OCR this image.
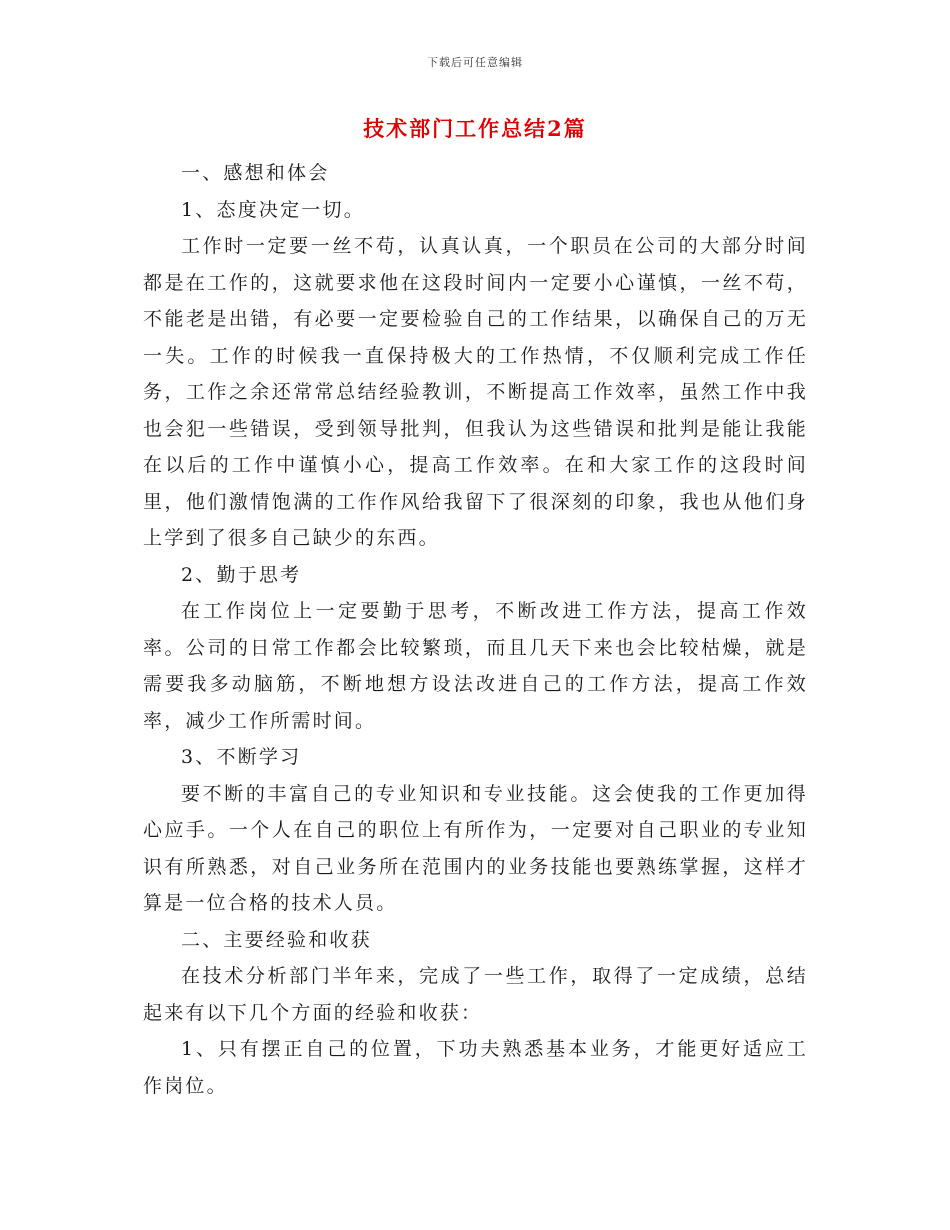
下载后可任意编辑
技术部门工作总结2篇

一、感想和体会

1、态度决定一切。

工作时一定要一丝不苟，认真认真，一个职员在公司的大部分时间都是在工作的，这就要求他在这段时间内一定要小心谨慎，一丝不苟，不能老是出错，有必要一定要检验自己的工作结果，以确保自己的万无一失。工作的时候我一直保持极大的工作热情，不仅顺利完成工作任务，工作之余还常常总结经验教训，不断提高工作效率，虽然工作中我也会犯一些错误，受到领导批判，但我认为这些错误和批判是能让我能在以后的工作中谨慎小心，提高工作效率。在和大家工作的这段时间里，他们激情饱满的工作作风给我留下了很深刻的印象，我也从他们身上学到了很多自己缺少的东西。

2、勤于思考

在工作岗位上一定要勤于思考，不断改进工作方法，提高工作效率。公司的日常工作都会比较繁琐，而且几天下来也会比较枯燥，就是需要我多动脑筋，不断地想方设法改进自己的工作方法，提高工作效率，减少工作所需时间。

3、不断学习

要不断的丰富自己的专业知识和专业技能。这会使我的工作更加得心应手。一个人在自己的职位上有所作为，一定要对自己职业的专业知识有所熟悉，对自己业务所在范围内的业务技能也要熟练掌握，这样才算是一位合格的技术人员。

二、主要经验和收获

在技术分析部门半年来，完成了一些工作，取得了一定成绩，总结起来有以下几个方面的经验和收获：

1、只有摆正自己的位置，下功夫熟悉基本业务，才能更好适应工作岗位。
